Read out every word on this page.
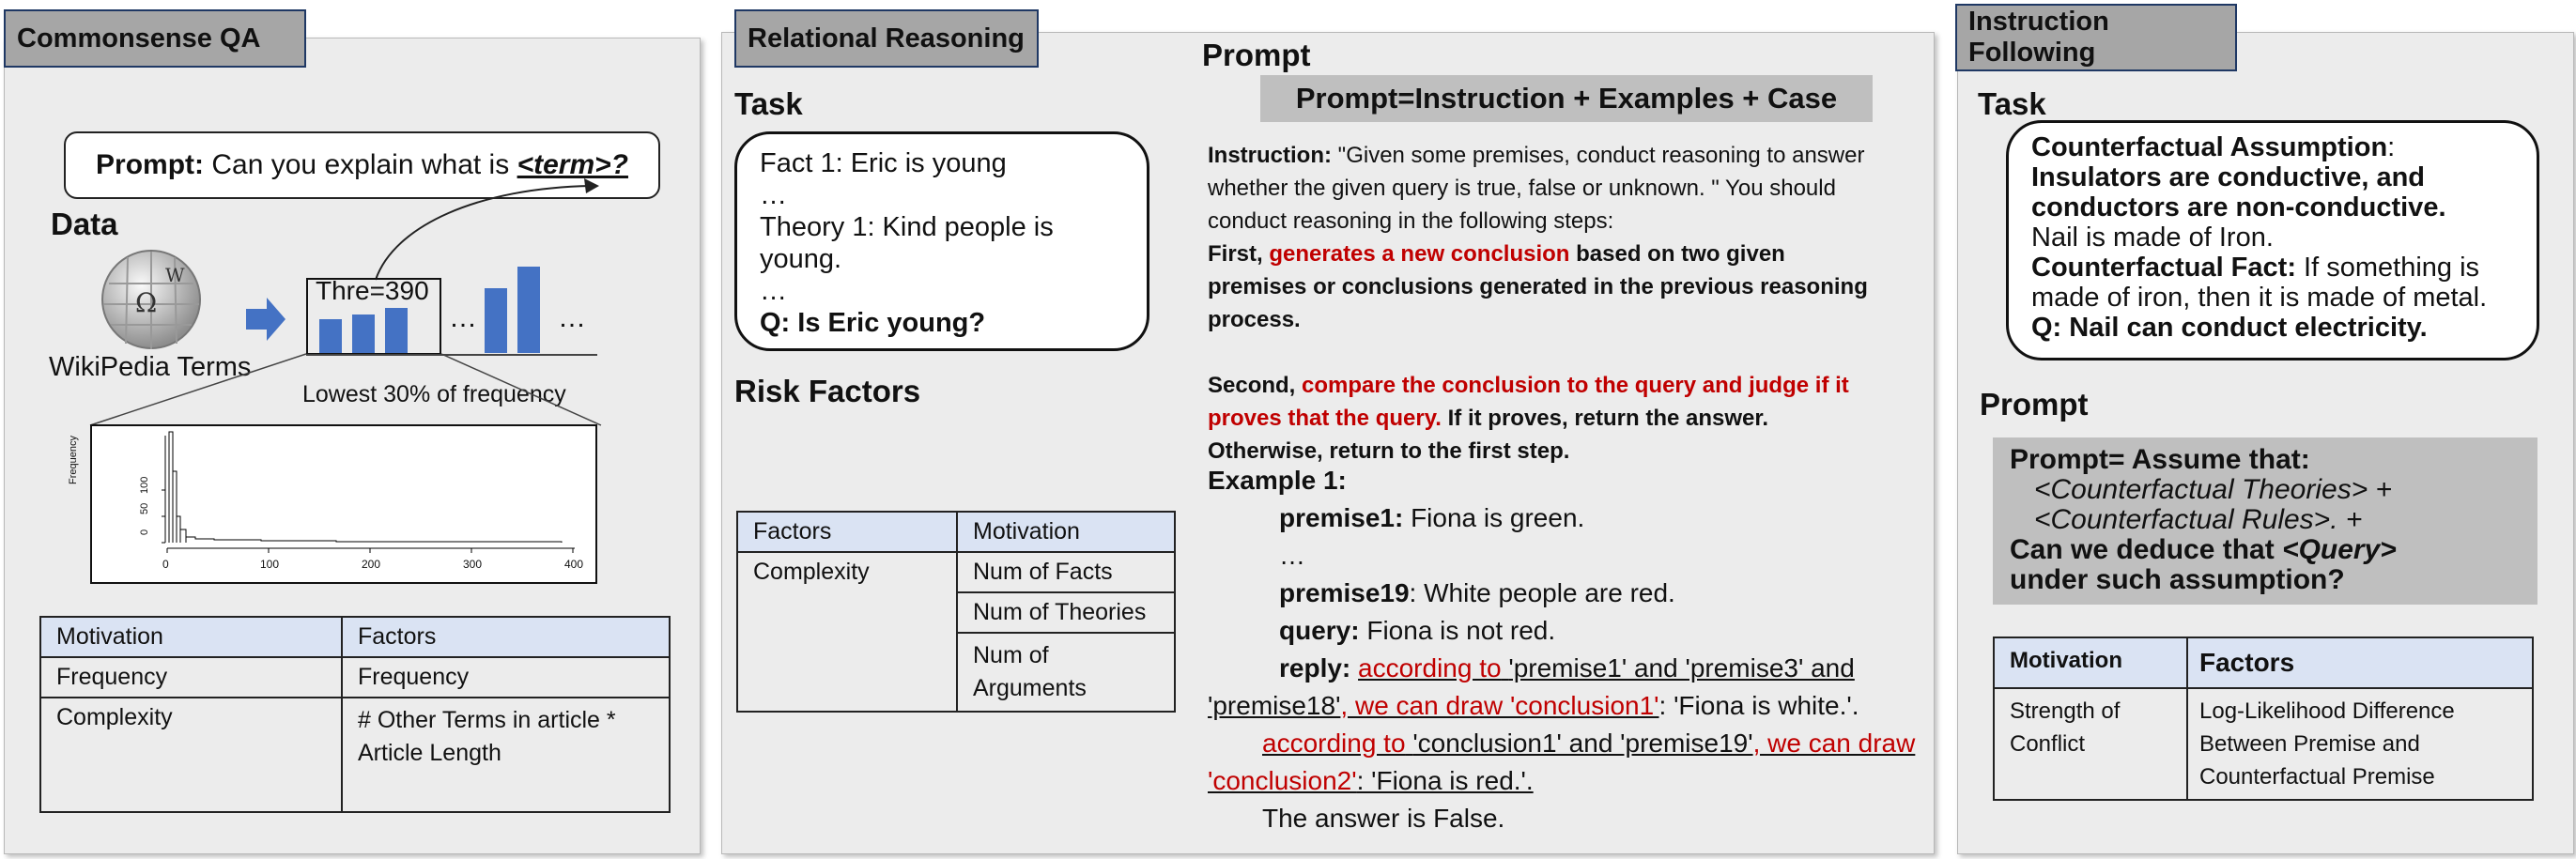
Commonsense QA
Prompt:
Can you explain what is
<term>?
Data
Ω
W
WikiPedia Terms
Thre=390
…	…
Lowest 30% of frequency
Frequency
0
50
100
0	100	200	300	400
Motivation	Factors
Frequency	Frequency
Complexity	# Other Terms in article * Article Length
Relational Reasoning
Task
Fact 1: Eric is young
…
Theory 1: Kind people is young.
…
Q: Is Eric young?
Risk Factors
Factors	Motivation
Complexity	Num of Facts
	Num of Theories
	Num of Arguments
Prompt
Prompt=Instruction + Examples + Case
Instruction: "Given some premises, conduct reasoning to answer whether the given query is true, false or unknown. " You should conduct reasoning in the following steps:
First, generates a new conclusion based on two given premises or conclusions generated in the previous reasoning process.

Second, compare the conclusion to the query and judge if it proves that the query. If it proves, return the answer. Otherwise, return to the first step.
Example 1:
premise1: Fiona is green.
…
premise19: White people are red.
query: Fiona is not red.
reply: according to 'premise1' and 'premise3' and 'premise18', we can draw 'conclusion1': 'Fiona is white.'.
according to 'conclusion1' and 'premise19', we can draw 'conclusion2': 'Fiona is red.'.
The answer is False.
Instruction Following
Task
Counterfactual Assumption:
Insulators are conductive, and conductors are non-conductive.
Nail is made of Iron.
Counterfactual Fact: If something is made of iron, then it is made of metal.
Q: Nail can conduct electricity.
Prompt
Prompt= Assume that:
<Counterfactual Theories> +
<Counterfactual Rules>. +
Can we deduce that <Query>
under such assumption?
Motivation	Factors
Strength of Conflict	Log-Likelihood Difference Between Premise and Counterfactual Premise
